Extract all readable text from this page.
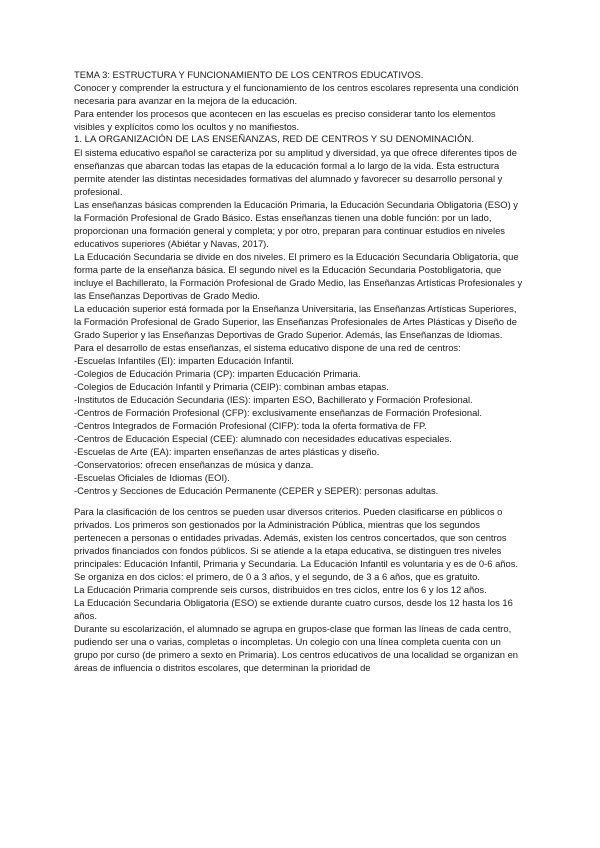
TEMA 3: ESTRUCTURA Y FUNCIONAMIENTO DE LOS CENTROS EDUCATIVOS.

Conocer y comprender la estructura y el funcionamiento de los centros escolares representa una condición necesaria para avanzar en la mejora de la educación.

Para entender los procesos que acontecen en las escuelas es preciso considerar tanto los elementos visibles y explícitos como los ocultos y no manifiestos.

1. LA ORGANIZACIÓN DE LAS ENSEÑANZAS, RED DE CENTROS Y SU DENOMINACIÓN.

El sistema educativo español se caracteriza por su amplitud y diversidad, ya que ofrece diferentes tipos de enseñanzas que abarcan todas las etapas de la educación formal a lo largo de la vida. Esta estructura permite atender las distintas necesidades formativas del alumnado y favorecer su desarrollo personal y profesional.

Las enseñanzas básicas comprenden la Educación Primaria, la Educación Secundaria Obligatoria (ESO) y la Formación Profesional de Grado Básico. Estas enseñanzas tienen una doble función: por un lado, proporcionan una formación general y completa; y por otro, preparan para continuar estudios en niveles educativos superiores (Abiétar y Navas, 2017).

La Educación Secundaria se divide en dos niveles. El primero es la Educación Secundaria Obligatoria, que forma parte de la enseñanza básica. El segundo nivel es la Educación Secundaria Postobligatoria, que incluye el Bachillerato, la Formación Profesional de Grado Medio, las Enseñanzas Artísticas Profesionales y las Enseñanzas Deportivas de Grado Medio.

La educación superior está formada por la Enseñanza Universitaria, las Enseñanzas Artísticas Superiores, la Formación Profesional de Grado Superior, las Enseñanzas Profesionales de Artes Plásticas y Diseño de Grado Superior y las Enseñanzas Deportivas de Grado Superior. Además, las Enseñanzas de Idiomas.

Para el desarrollo de estas enseñanzas, el sistema educativo dispone de una red de centros:

-Escuelas Infantiles (EI): imparten Educación Infantil.
-Colegios de Educación Primaria (CP): imparten Educación Primaria.
-Colegios de Educación Infantil y Primaria (CEIP): combinan ambas etapas.
-Institutos de Educación Secundaria (IES): imparten ESO, Bachillerato y Formación Profesional.
-Centros de Formación Profesional (CFP): exclusivamente enseñanzas de Formación Profesional.
-Centros Integrados de Formación Profesional (CIFP): toda la oferta formativa de FP.
-Centros de Educación Especial (CEE): alumnado con necesidades educativas especiales.
-Escuelas de Arte (EA): imparten enseñanzas de artes plásticas y diseño.
-Conservatorios: ofrecen enseñanzas de música y danza.
-Escuelas Oficiales de Idiomas (EOI).
-Centros y Secciones de Educación Permanente (CEPER y SEPER): personas adultas.

Para la clasificación de los centros se pueden usar diversos criterios. Pueden clasificarse en públicos o privados. Los primeros son gestionados por la Administración Pública, mientras que los segundos pertenecen a personas o entidades privadas. Además, existen los centros concertados, que son centros privados financiados con fondos públicos. Si se atiende a la etapa educativa, se distinguen tres niveles principales: Educación Infantil, Primaria y Secundaria. La Educación Infantil es voluntaria y es de 0-6 años. Se organiza en dos ciclos: el primero, de 0 a 3 años, y el segundo, de 3 a 6 años, que es gratuito.

La Educación Primaria comprende seis cursos, distribuidos en tres ciclos, entre los 6 y los 12 años.

La Educación Secundaria Obligatoria (ESO) se extiende durante cuatro cursos, desde los 12 hasta los 16 años.

Durante su escolarización, el alumnado se agrupa en grupos-clase que forman las líneas de cada centro, pudiendo ser una o varias, completas o incompletas. Un colegio con una línea completa cuenta con un grupo por curso (de primero a sexto en Primaria). Los centros educativos de una localidad se organizan en áreas de influencia o distritos escolares, que determinan la prioridad de
